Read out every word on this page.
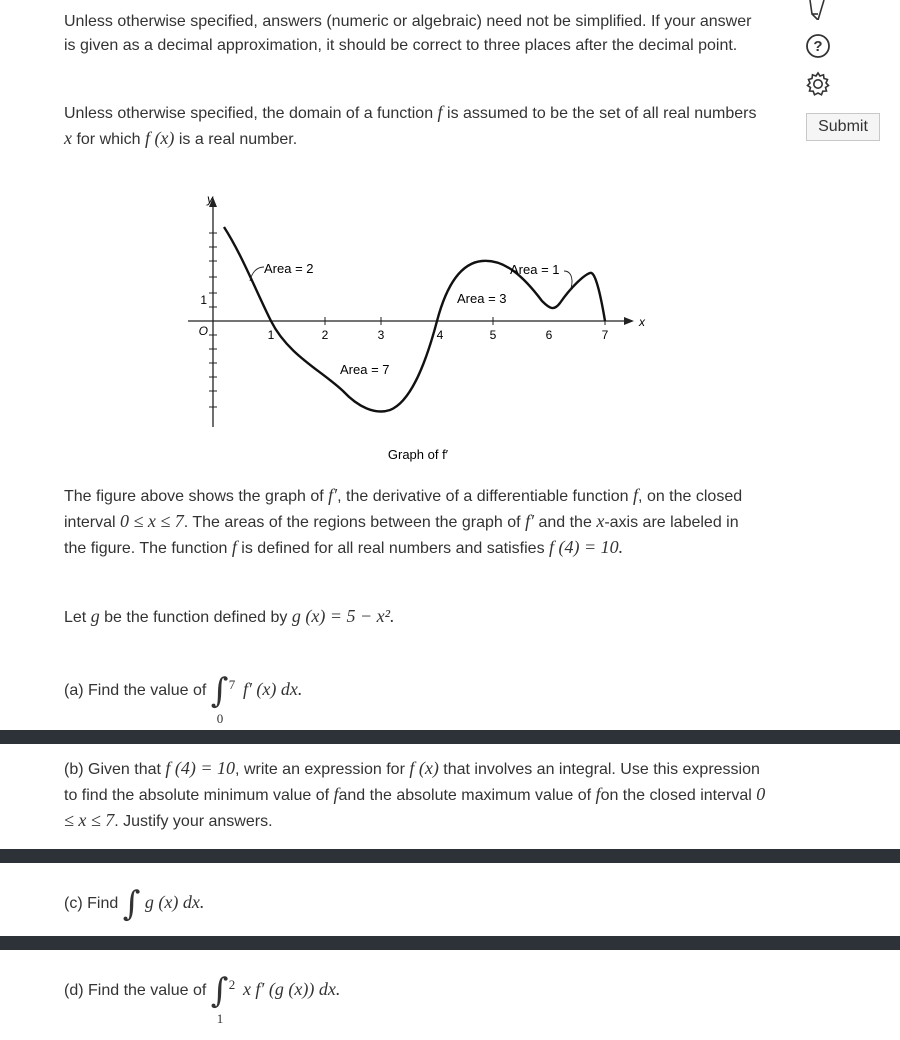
Unless otherwise specified, answers (numeric or algebraic) need not be simplified. If your answer is given as a decimal approximation, it should be correct to three places after the decimal point.
Unless otherwise specified, the domain of a function f is assumed to be the set of all real numbers x for which f (x) is a real number.
?
Submit
y
x
O
1
1	2	3	4	5	6	7
Area = 2
Area = 7
Area = 3
Area = 1
Graph of f′
The figure above shows the graph of f′, the derivative of a differentiable function f, on the closed interval 0 ≤ x ≤ 7. The areas of the regions between the graph of f′ and the x-axis are labeled in the figure. The function f is defined for all real numbers and satisfies f (4) = 10.
Let g be the function defined by g (x) = 5 − x².
(a) Find the value of ∫ 7
0
f′ (x) dx.
(b) Given that f (4) = 10, write an expression for f (x) that involves an integral. Use this expression to find the absolute minimum value of fand the absolute maximum value of fon the closed interval 0 ≤ x ≤ 7. Justify your answers.
(c) Find ∫ g (x) dx.
(d) Find the value of ∫ 2
1
x f′ (g (x)) dx.
